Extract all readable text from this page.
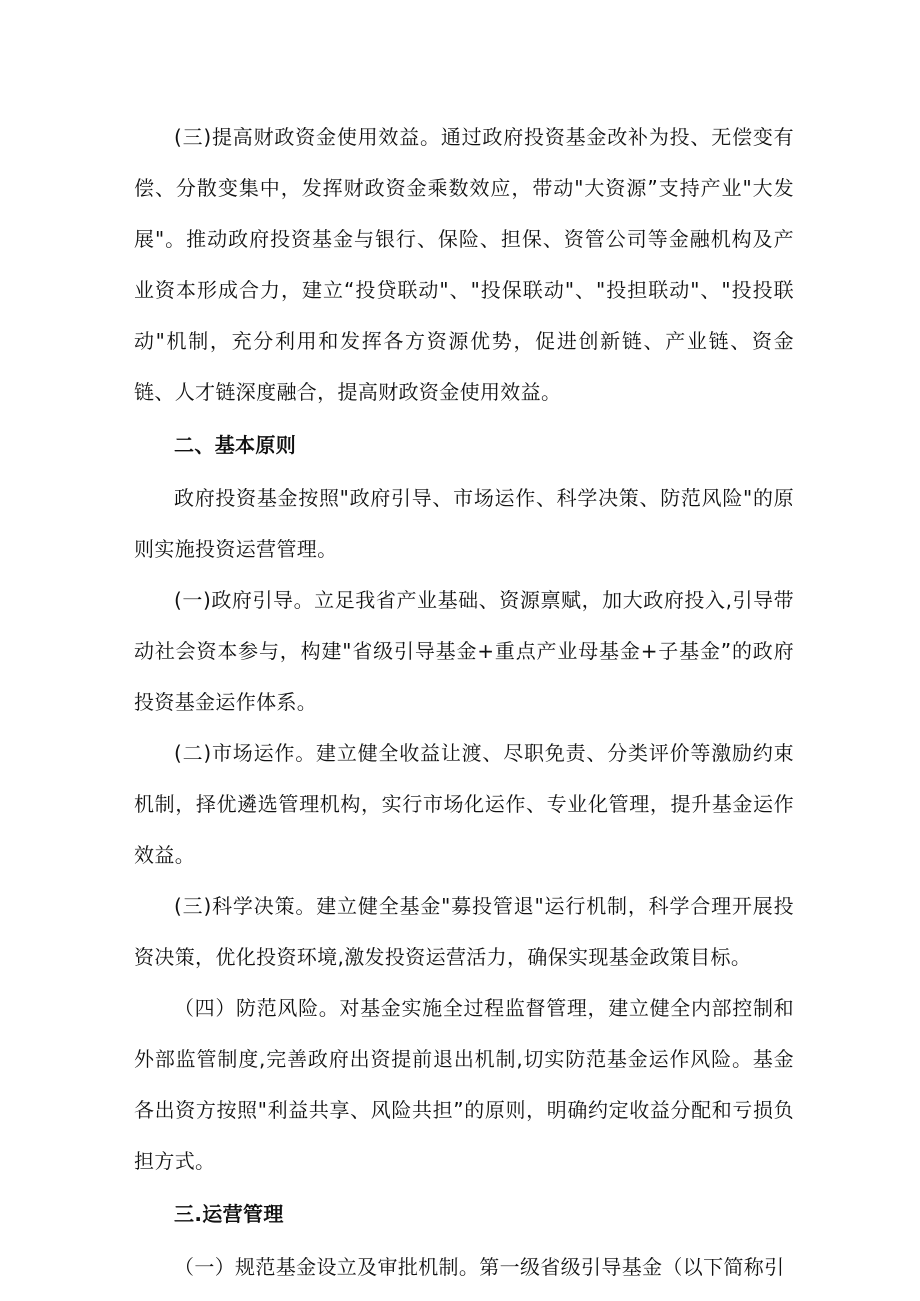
(三)提高财政资金使用效益。通过政府投资基金改补为投、无偿变有偿、分散变集中，发挥财政资金乘数效应，带动"大资源”支持产业"大发展"。推动政府投资基金与银行、保险、担保、资管公司等金融机构及产业资本形成合力，建立“投贷联动"、"投保联动"、"投担联动"、"投投联动"机制，充分利用和发挥各方资源优势，促进创新链、产业链、资金链、人才链深度融合，提高财政资金使用效益。

二、基本原则

政府投资基金按照"政府引导、市场运作、科学决策、防范风险"的原则实施投资运营管理。

(一)政府引导。立足我省产业基础、资源禀赋，加大政府投入,引导带动社会资本参与，构建"省级引导基金+重点产业母基金+子基金”的政府投资基金运作体系。

(二)市场运作。建立健全收益让渡、尽职免责、分类评价等激励约束机制，择优遴选管理机构，实行市场化运作、专业化管理，提升基金运作效益。

(三)科学决策。建立健全基金"募投管退"运行机制，科学合理开展投资决策，优化投资环境,激发投资运营活力，确保实现基金政策目标。

（四）防范风险。对基金实施全过程监督管理，建立健全内部控制和外部监管制度,完善政府出资提前退出机制,切实防范基金运作风险。基金各出资方按照"利益共享、风险共担”的原则，明确约定收益分配和亏损负担方式。

三.运营管理

（一）规范基金设立及审批机制。第一级省级引导基金（以下简称引
